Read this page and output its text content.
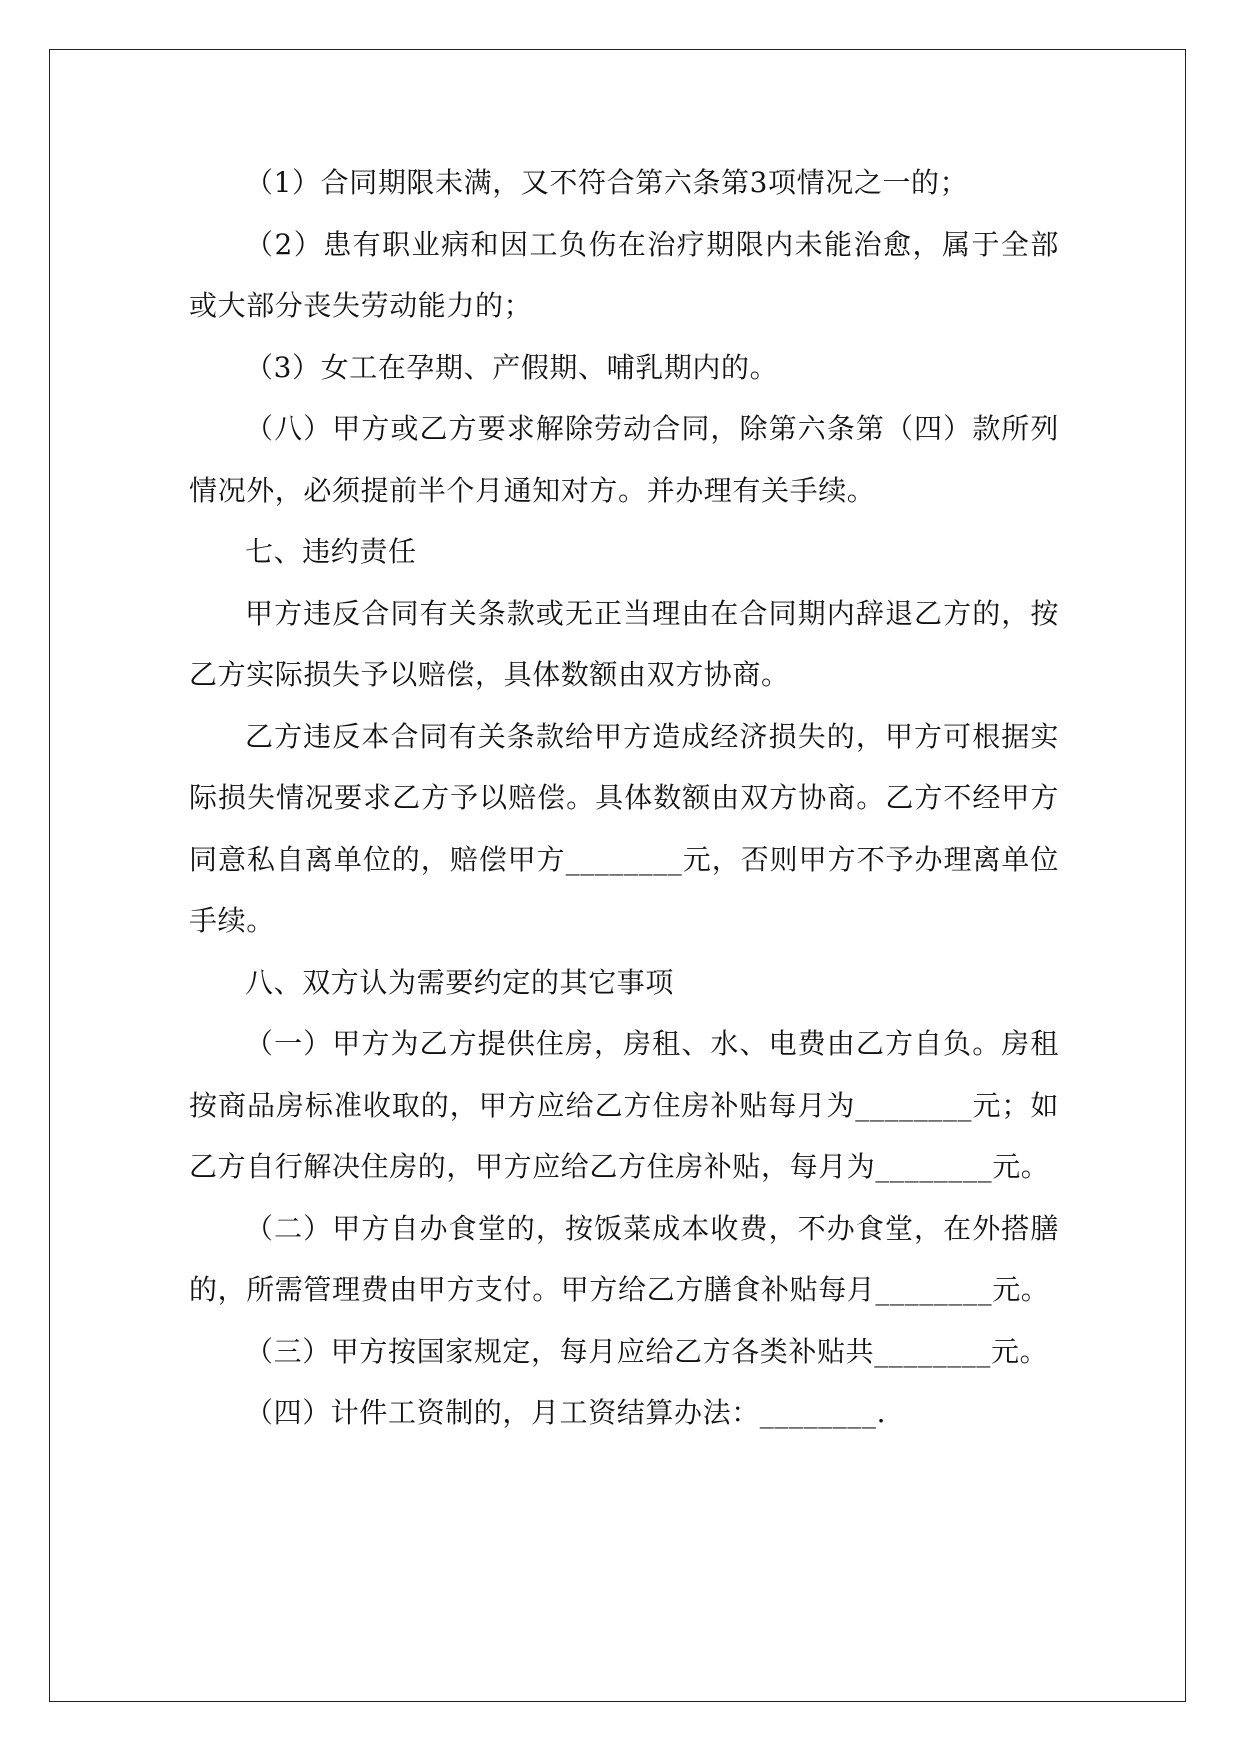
（1）合同期限未满，又不符合第六条第3项情况之一的；

（2）患有职业病和因工负伤在治疗期限内未能治愈，属于全部或大部分丧失劳动能力的；

（3）女工在孕期、产假期、哺乳期内的。

（八）甲方或乙方要求解除劳动合同，除第六条第（四）款所列情况外，必须提前半个月通知对方。并办理有关手续。

七、违约责任

甲方违反合同有关条款或无正当理由在合同期内辞退乙方的，按乙方实际损失予以赔偿，具体数额由双方协商。

乙方违反本合同有关条款给甲方造成经济损失的，甲方可根据实际损失情况要求乙方予以赔偿。具体数额由双方协商。乙方不经甲方同意私自离单位的，赔偿甲方________元，否则甲方不予办理离单位手续。

八、双方认为需要约定的其它事项

（一）甲方为乙方提供住房，房租、水、电费由乙方自负。房租按商品房标准收取的，甲方应给乙方住房补贴每月为________元；如乙方自行解决住房的，甲方应给乙方住房补贴，每月为________元。

（二）甲方自办食堂的，按饭菜成本收费，不办食堂，在外搭膳的，所需管理费由甲方支付。甲方给乙方膳食补贴每月________元。

（三）甲方按国家规定，每月应给乙方各类补贴共________元。

（四）计件工资制的，月工资结算办法：________.
